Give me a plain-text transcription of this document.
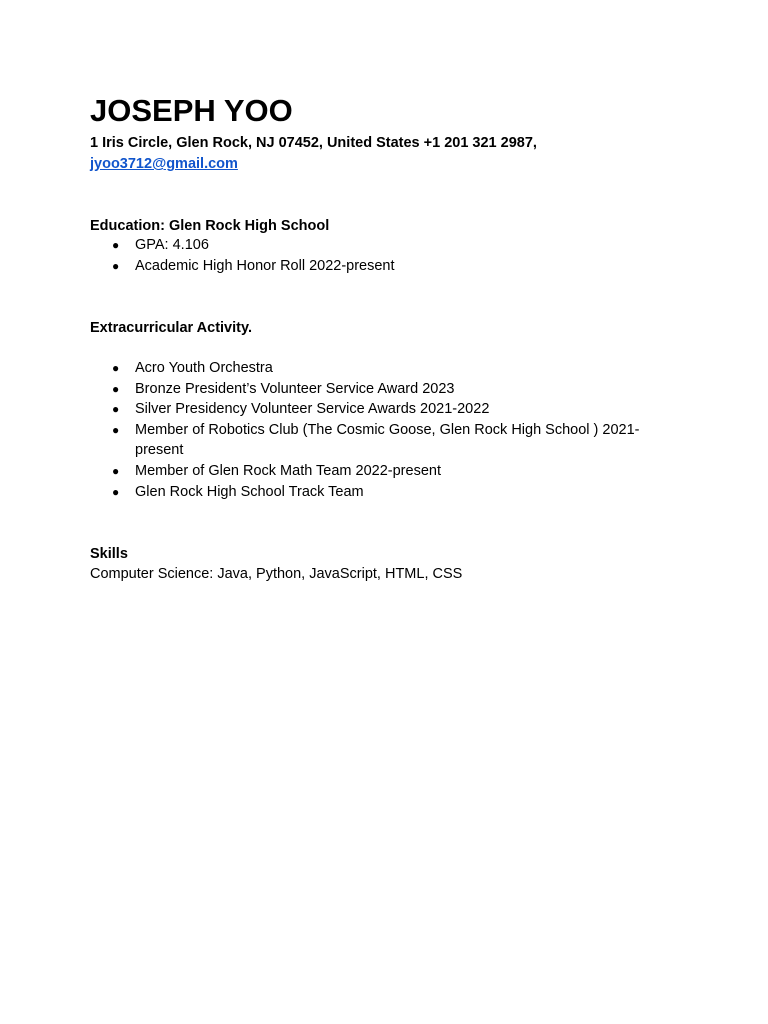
JOSEPH YOO
1 Iris Circle, Glen Rock, NJ 07452, United States +1 201 321 2987,
jyoo3712@gmail.com
Education: Glen Rock High School
● GPA: 4.106
● Academic High Honor Roll 2022-present
Extracurricular Activity.
● Acro Youth Orchestra
● Bronze President’s Volunteer Service Award 2023
● Silver Presidency Volunteer Service Awards 2021-2022
● Member of Robotics Club (The Cosmic Goose, Glen Rock High School ) 2021-present
● Member of Glen Rock Math Team 2022-present
● Glen Rock High School Track Team
Skills
Computer Science: Java, Python, JavaScript, HTML, CSS
